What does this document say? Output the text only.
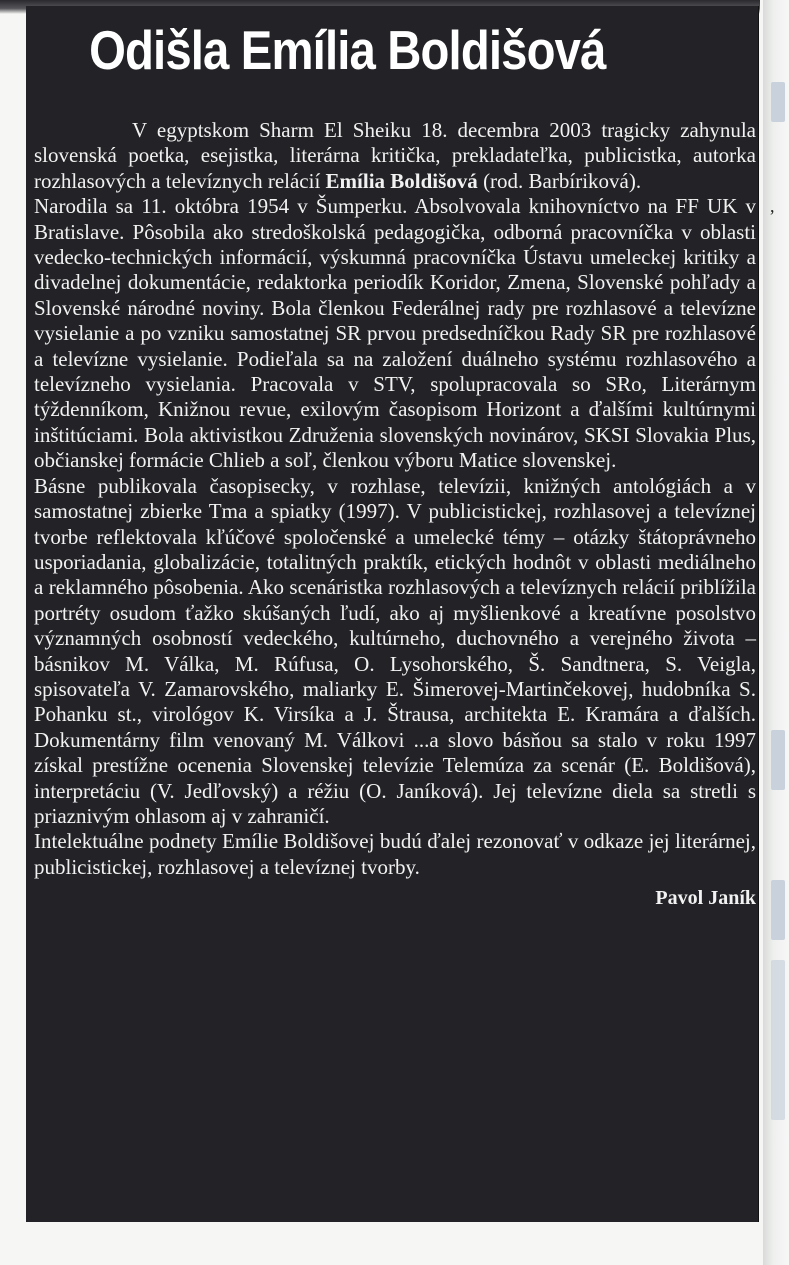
,
Odišla Emília Boldišová

V egyptskom Sharm El Sheiku 18. decembra 2003 tragicky zahynula slovenská poetka, esejistka, literárna kritička, prekladateľka, publicistka, autorka rozhlasových a televíznych relácií Emília Boldišová (rod. Barbíriková).

Narodila sa 11. októbra 1954 v Šumperku. Absolvovala knihovníctvo na FF UK v Bratislave. Pôsobila ako stredoškolská pedagogička, odborná pracovníčka v oblasti vedecko-technických informácií, výskumná pracovníčka Ústavu umeleckej kritiky a divadelnej dokumentácie, redaktorka periodík Koridor, Zmena, Slovenské pohľady a Slovenské národné noviny. Bola členkou Federálnej rady pre rozhlasové a televízne vysielanie a po vzniku samostatnej SR prvou predsedníčkou Rady SR pre rozhlasové a televízne vysielanie. Podieľala sa na založení duálneho systému rozhlasového a televízneho vysielania. Pracovala v STV, spolupracovala so SRo, Literárnym týždenníkom, Knižnou revue, exilovým časopisom Horizont a ďalšími kultúrnymi inštitúciami. Bola aktivistkou Združenia slovenských novinárov, SKSI Slovakia Plus, občianskej formácie Chlieb a soľ, členkou výboru Matice slovenskej.

Básne publikovala časopisecky, v rozhlase, televízii, knižných antológiách a v samostatnej zbierke Tma a spiatky (1997). V publicistickej, rozhlasovej a televíznej tvorbe reflektovala kľúčové spoločenské a umelecké témy – otázky štátoprávneho usporiadania, globalizácie, totalitných praktík, etických hodnôt v oblasti mediálneho a reklamného pôsobenia. Ako scenáristka rozhlasových a televíznych relácií priblížila portréty osudom ťažko skúšaných ľudí, ako aj myšlienkové a kreatívne posolstvo významných osobností vedeckého, kultúrneho, duchovného a verejného života – básnikov M. Válka, M. Rúfusa, O. Lysohorského, Š. Sandtnera, S. Veigla, spisovateľa V. Zamarovského, maliarky E. Šimerovej-Martinčekovej, hudobníka S. Pohanku st., virológov K. Virsíka a J. Štrausa, architekta E. Kramára a ďalších. Dokumentárny film venovaný M. Válkovi ...a slovo básňou sa stalo v roku 1997 získal prestížne ocenenia Slovenskej televízie Telemúza za scenár (E. Boldišová), interpretáciu (V. Jedľovský) a réžiu (O. Janíková). Jej televízne diela sa stretli s priaznivým ohlasom aj v zahraničí.

Intelektuálne podnety Emílie Boldišovej budú ďalej rezonovať v odkaze jej literárnej, publicistickej, rozhlasovej a televíznej tvorby.

Pavol Janík
